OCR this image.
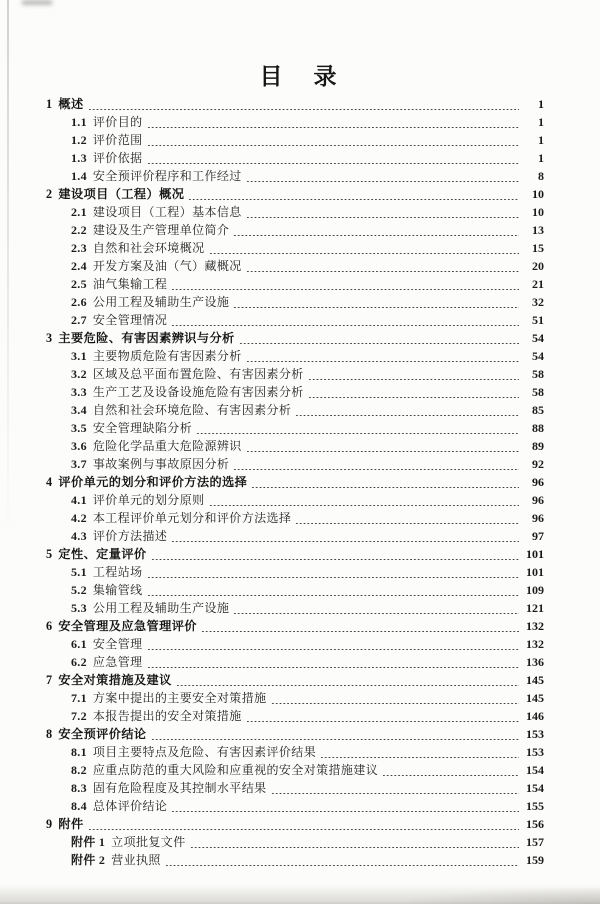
目　录
1 概述	1
1.1 评价目的	1
1.2 评价范围	1
1.3 评价依据	1
1.4 安全预评价程序和工作经过	8
2 建设项目（工程）概况	10
2.1 建设项目（工程）基本信息	10
2.2 建设及生产管理单位简介	13
2.3 自然和社会环境概况	15
2.4 开发方案及油（气）藏概况	20
2.5 油气集输工程	21
2.6 公用工程及辅助生产设施	32
2.7 安全管理情况	51
3 主要危险、有害因素辨识与分析	54
3.1 主要物质危险有害因素分析	54
3.2 区域及总平面布置危险、有害因素分析	58
3.3 生产工艺及设备设施危险有害因素分析	58
3.4 自然和社会环境危险、有害因素分析	85
3.5 安全管理缺陷分析	88
3.6 危险化学品重大危险源辨识	89
3.7 事故案例与事故原因分析	92
4 评价单元的划分和评价方法的选择	96
4.1 评价单元的划分原则	96
4.2 本工程评价单元划分和评价方法选择	96
4.3 评价方法描述	97
5 定性、定量评价	101
5.1 工程站场	101
5.2 集输管线	109
5.3 公用工程及辅助生产设施	121
6 安全管理及应急管理评价	132
6.1 安全管理	132
6.2 应急管理	136
7 安全对策措施及建议	145
7.1 方案中提出的主要安全对策措施	145
7.2 本报告提出的安全对策措施	146
8 安全预评价结论	153
8.1 项目主要特点及危险、有害因素评价结果	153
8.2 应重点防范的重大风险和应重视的安全对策措施建议	154
8.3 固有危险程度及其控制水平结果	154
8.4 总体评价结论	155
9 附件	156
附件 1 立项批复文件	157
附件 2 营业执照	159
